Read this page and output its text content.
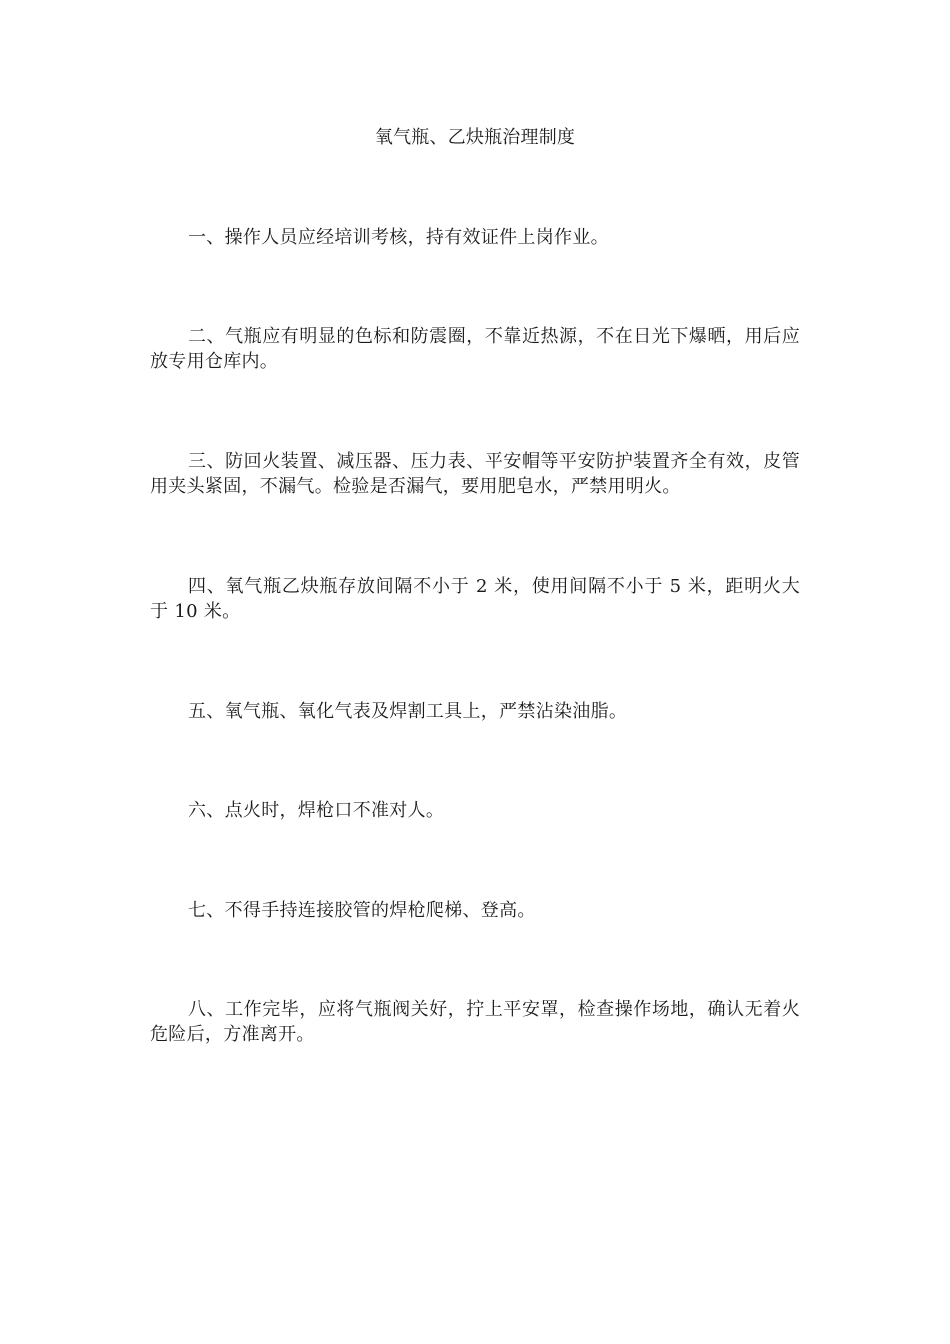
氧气瓶、乙炔瓶治理制度

一、操作人员应经培训考核，持有效证件上岗作业。

二、气瓶应有明显的色标和防震圈，不靠近热源，不在日光下爆晒，用后应放专用仓库内。

三、防回火装置、减压器、压力表、平安帽等平安防护装置齐全有效，皮管用夹头紧固，不漏气。检验是否漏气，要用肥皂水，严禁用明火。

四、氧气瓶乙炔瓶存放间隔不小于 2 米，使用间隔不小于 5 米，距明火大于 10 米。

五、氧气瓶、氧化气表及焊割工具上，严禁沾染油脂。

六、点火时，焊枪口不准对人。

七、不得手持连接胶管的焊枪爬梯、登高。

八、工作完毕，应将气瓶阀关好，拧上平安罩，检查操作场地，确认无着火危险后，方准离开。
